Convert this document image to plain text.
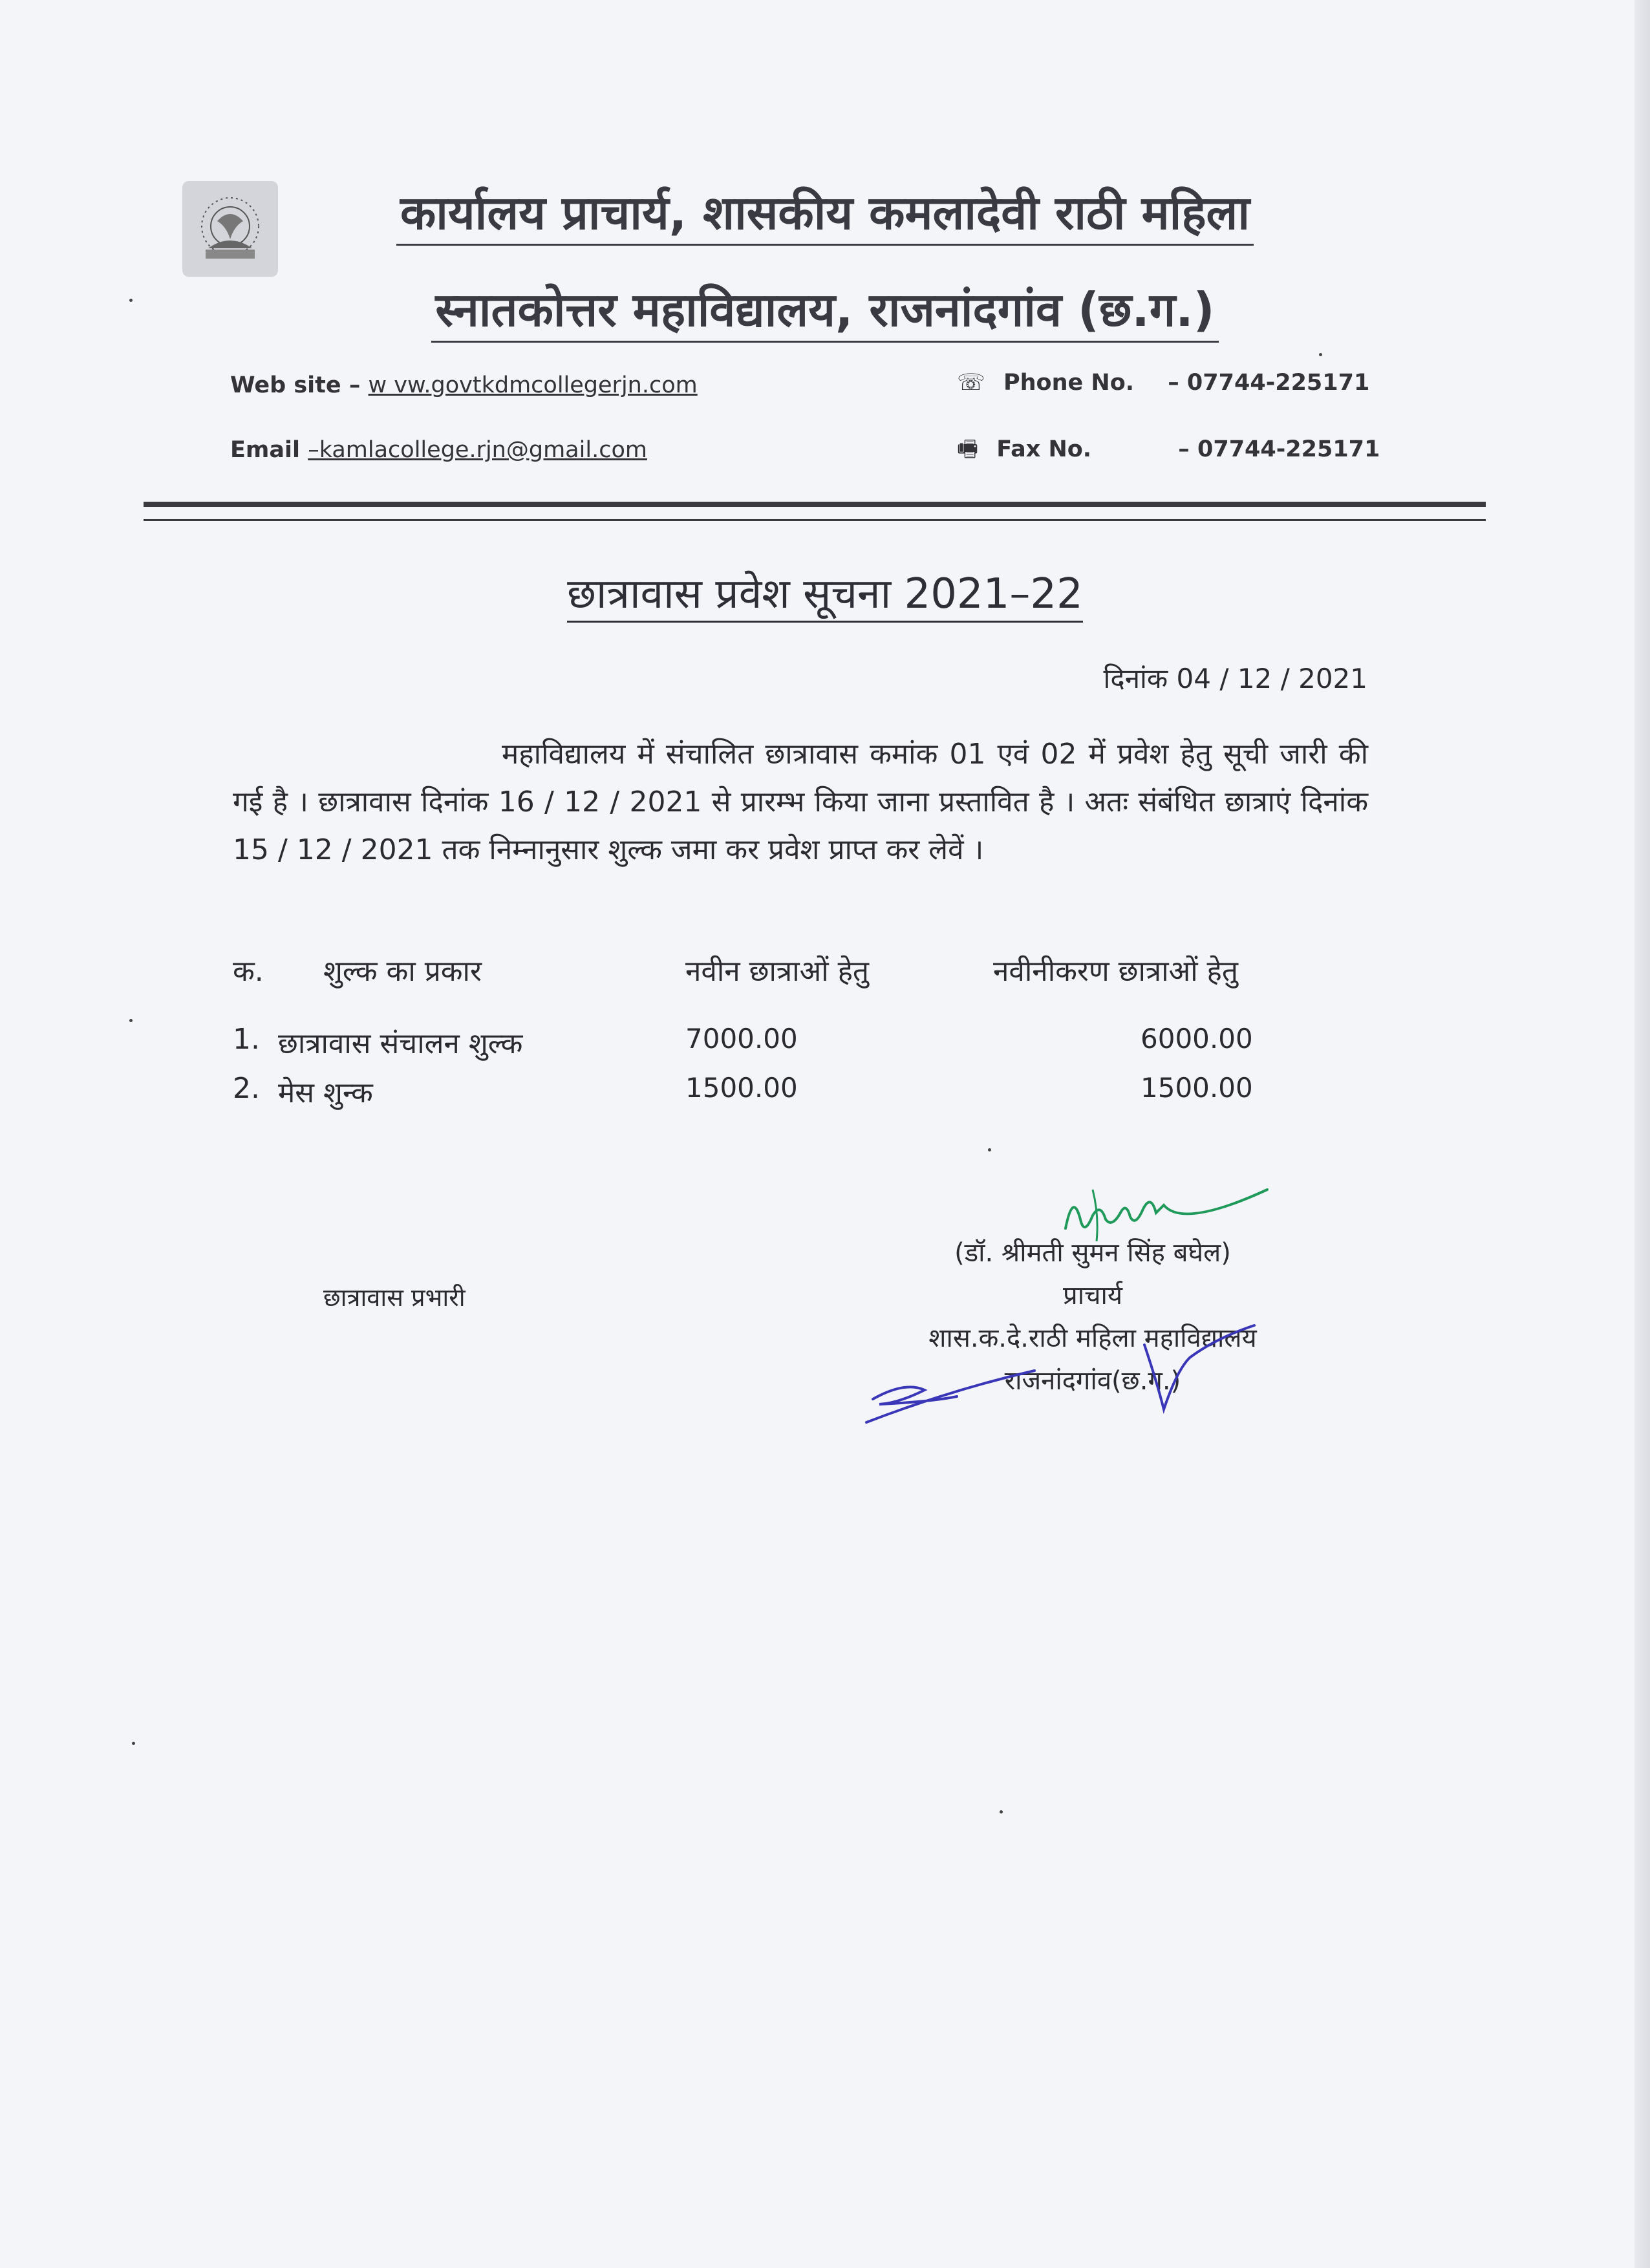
कार्यालय प्राचार्य, शासकीय कमलादेवी राठी महिला
स्नातकोत्तर महाविद्यालय, राजनांदगांव (छ.ग.)
Web site – w vw.govtkdmcollegerjn.com
Email –kamlacollege.rjn@gmail.com
☏ Phone No. – 07744-225171
🖷 Fax No.	– 07744-225171
छात्रावास प्रवेश सूचना 2021–22
दिनांक 04 / 12 / 2021
महाविद्यालय में संचालित छात्रावास कमांक 01 एवं 02 में प्रवेश हेतु सूची जारी की गई है । छात्रावास दिनांक 16 / 12 / 2021 से प्रारम्भ किया जाना प्रस्तावित है । अतः संबंधित छात्राएं दिनांक 15 / 12 / 2021 तक निम्नानुसार शुल्क जमा कर प्रवेश प्राप्त कर लेवें ।
क. शुल्क का प्रकार	नवीन छात्राओं हेतु	नवीनीकरण छात्राओं हेतु
1. छात्रावास संचालन शुल्क	7000.00	6000.00
2. मेस शुन्क	1500.00	1500.00
(डॉ. श्रीमती सुमन सिंह बघेल)
प्राचार्य
शास.क.दे.राठी महिला महाविद्यालय
राजनांदगांव(छ.ग.)
छात्रावास प्रभारी
